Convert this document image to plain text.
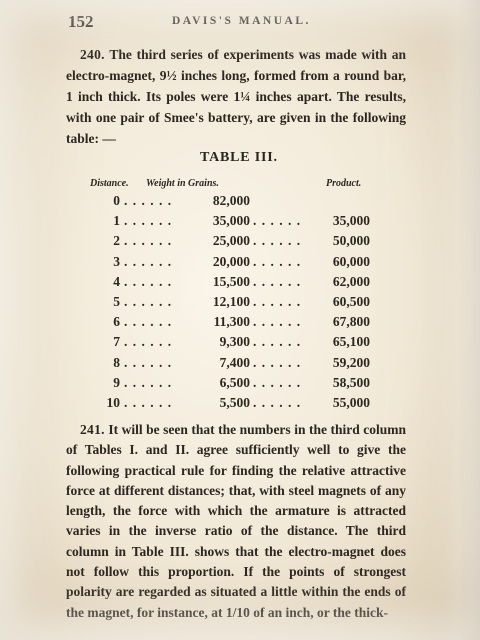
152	DAVIS'S MANUAL.
240. The third series of experiments was made with an electro-magnet, 9½ inches long, formed from a round bar, 1 inch thick. Its poles were 1¼ inches apart. The results, with one pair of Smee's battery, are given in the following table: —
TABLE III.
Distance. Weight in Grains.	Product.
0 . . . . . .	82,000
1 . . . . . .	35,000 . . . . . .	35,000
2 . . . . . .	25,000 . . . . . .	50,000
3 . . . . . .	20,000 . . . . . .	60,000
4 . . . . . .	15,500 . . . . . .	62,000
5 . . . . . .	12,100 . . . . . .	60,500
6 . . . . . .	11,300 . . . . . .	67,800
7 . . . . . .	9,300 . . . . . .	65,100
8 . . . . . .	7,400 . . . . . .	59,200
9 . . . . . .	6,500 . . . . . .	58,500
10 . . . . . .	5,500 . . . . . .	55,000
241. It will be seen that the numbers in the third column of Tables I. and II. agree sufficiently well to give the following practical rule for finding the relative attractive force at different distances; that, with steel magnets of any length, the force with which the armature is attracted varies in the inverse ratio of the distance. The third column in Table III. shows that the electro-magnet does not follow this proportion. If the points of strongest polarity are regarded as situated a little within the ends of the magnet, for instance, at 1/10 of an inch, or the thick-
